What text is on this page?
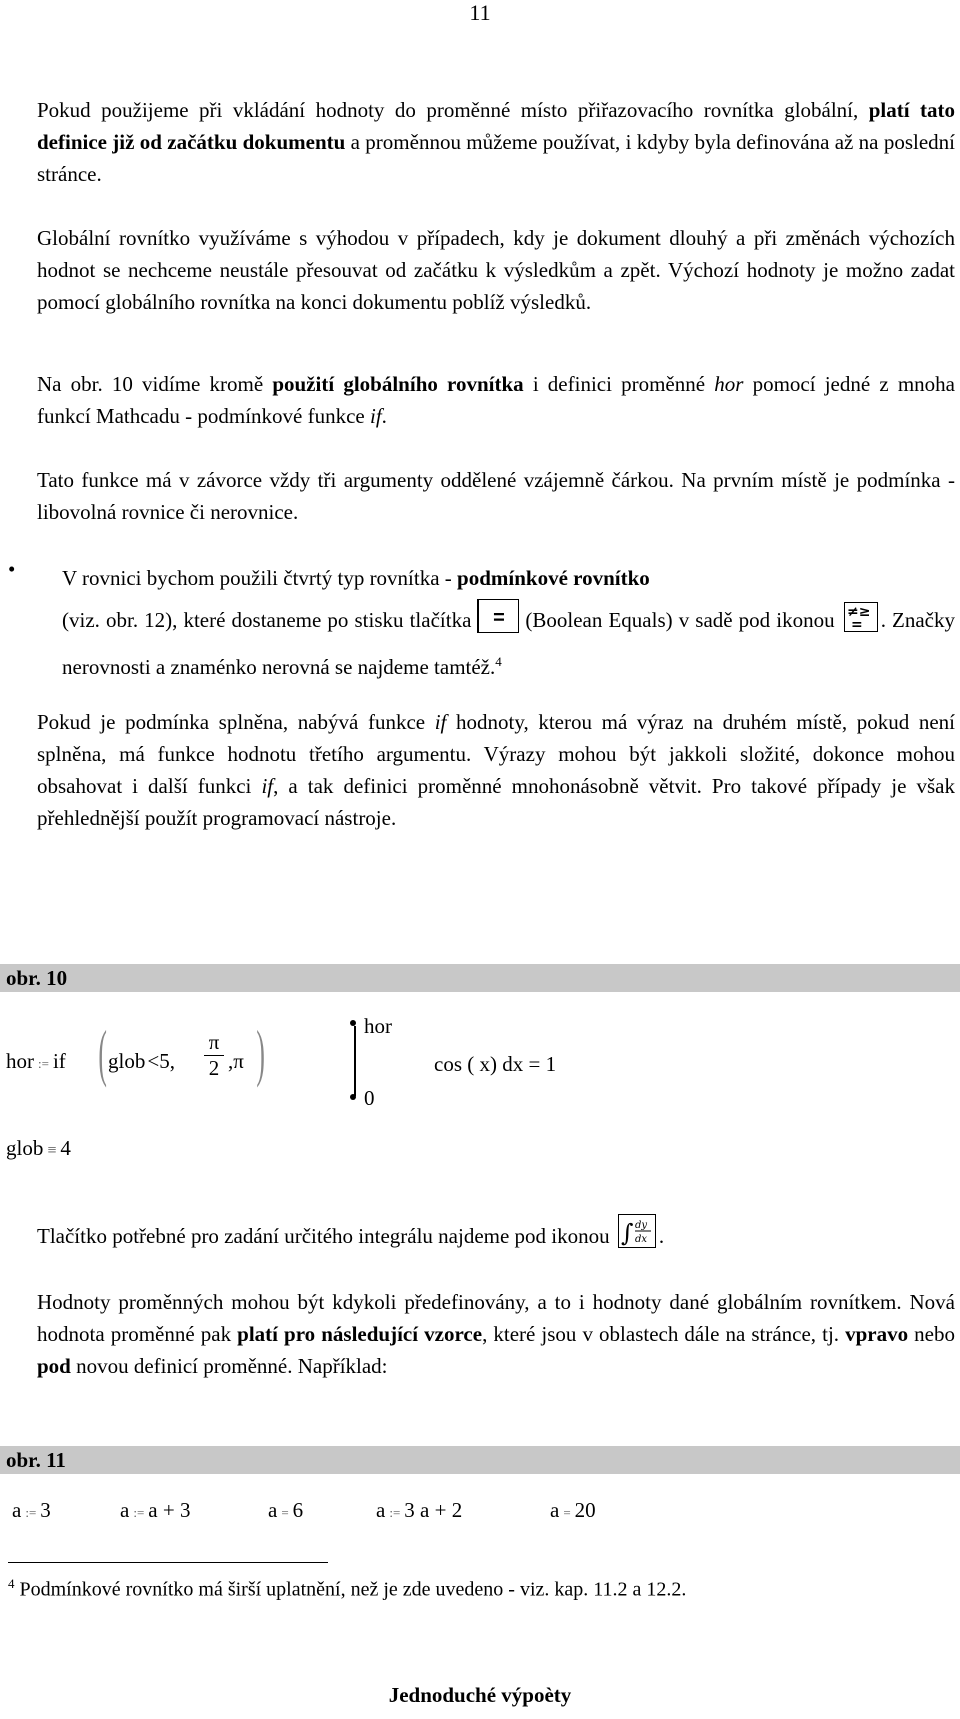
11

Pokud použijeme při vkládání hodnoty do proměnné místo přiřazovacího rovnítka globální, platí tato definice již od začátku dokumentu a proměnnou můžeme používat, i kdyby byla definována až na poslední stránce.

Globální rovnítko využíváme s výhodou v případech, kdy je dokument dlouhý a při změnách výchozích hodnot se nechceme neustále přesouvat od začátku k výsledkům a zpět. Výchozí hodnoty je možno zadat pomocí globálního rovnítka na konci dokumentu poblíž výsledků.

Na obr. 10 vidíme kromě použití globálního rovnítka i definici proměnné hor pomocí jedné z mnoha funkcí Mathcadu - podmínkové funkce if.

Tato funkce má v závorce vždy tři argumenty oddělené vzájemně čárkou. Na prvním místě je podmínka - libovolná rovnice či nerovnice.

• V rovnici bychom použili čtvrtý typ rovnítka - podmínkové rovnítko
(viz. obr. 12), které dostaneme po stisku tlačítka	= (Boolean Equals) v sadě pod ikonou ≠≥
= . Značky nerovnosti a znaménko nerovná se najdeme tamtéž.$^4$

Pokud je podmínka splněna, nabývá funkce if hodnoty, kterou má výraz na druhém místě, pokud není splněna, má funkce hodnotu třetího argumentu. Výrazy mohou být jakkoli složité, dokonce mohou obsahovat i další funkci if, a tak definici proměnné mnohonásobně větvit. Pro takové případy je však přehlednější použít programovací nástroje.

obr. 10
hor := if ( glob<5, $\frac{\pi}{2} ,\pi$ )
glob ≡ 4
hor
0
cos ( x) dx = 1
Tlačítko potřebné pro zadání určitého integrálu najdeme pod ikonou ∫ dy
dx .

Hodnoty proměnných mohou být kdykoli předefinovány, a to i hodnoty dané globálním rovnítkem. Nová hodnota proměnné pak platí pro následující vzorce, které jsou v oblastech dále na stránce, tj. vpravo nebo pod novou definicí proměnné. Například:

obr. 11
a := 3	a := a + 3	a = 6	a := 3 a + 2	a = 20
$^4$ Podmínkové rovnítko má širší uplatnění, než je zde uvedeno - viz. kap. 11.2 a 12.2.
Jednoduché výpoèty
